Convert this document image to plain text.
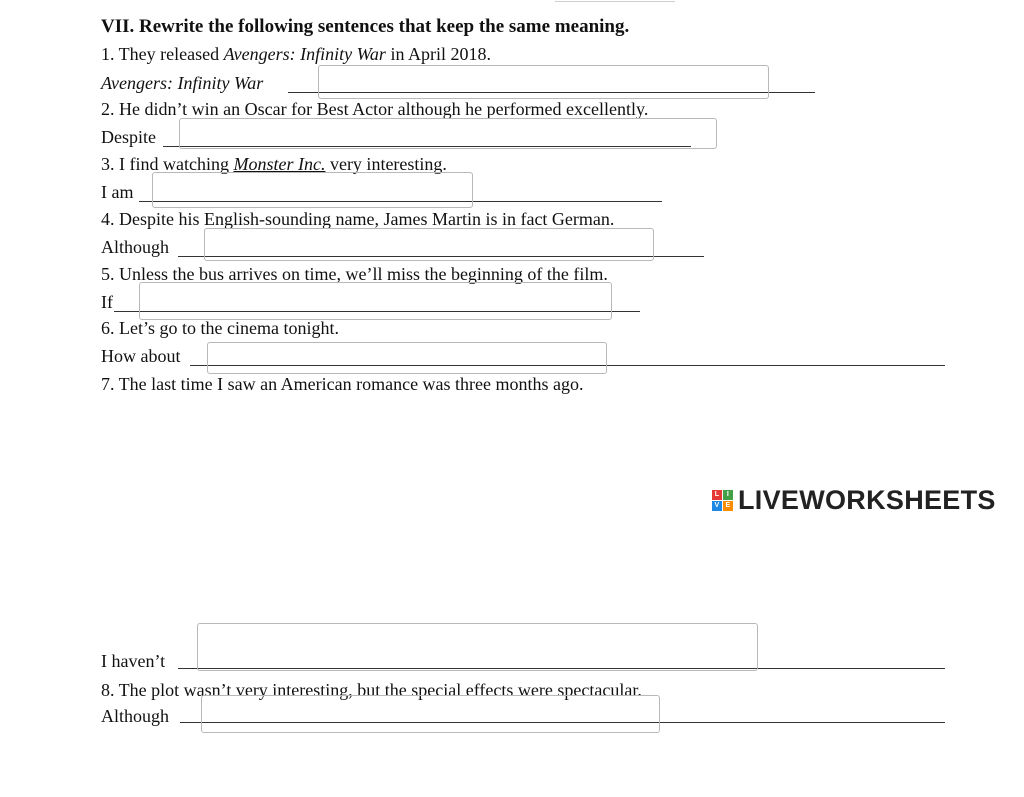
VII. Rewrite the following sentences that keep the same meaning.
1. They released Avengers: Infinity War in April 2018.
Avengers: Infinity War
2. He didn’t win an Oscar for Best Actor although he performed excellently.
Despite
3. I find watching Monster Inc. very interesting.
I am
4. Despite his English-sounding name, James Martin is in fact German.
Although
5. Unless the bus arrives on time, we’ll miss the beginning of the film.
If
6. Let’s go to the cinema tonight.
How about
7. The last time I saw an American romance was three months ago.
L	I
V E LIVEWORKSHEETS
I haven’t
8. The plot wasn’t very interesting, but the special effects were spectacular.
Although
